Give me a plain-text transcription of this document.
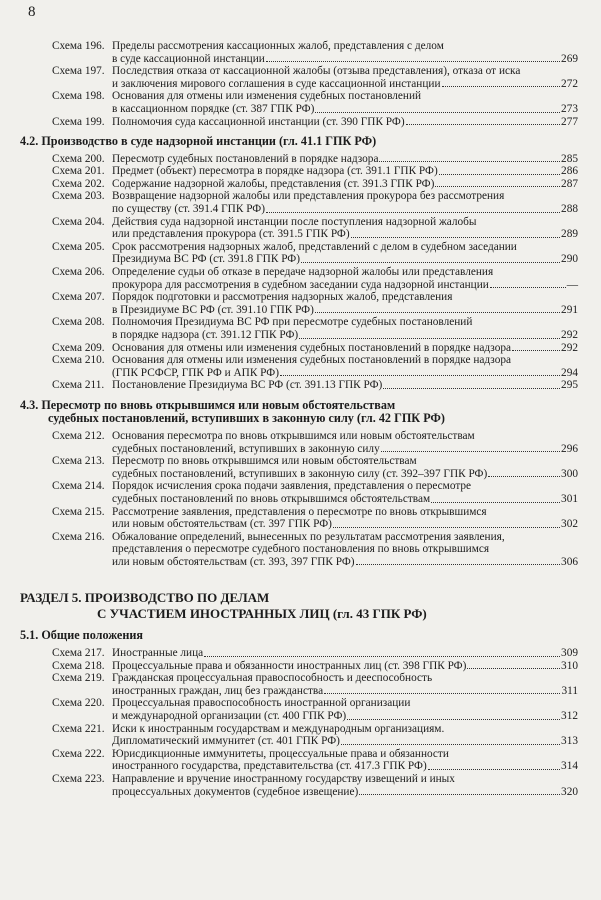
8
Схема 196. Пределы рассмотрения кассационных жалоб, представления с делом
в суде кассационной инстанции	269
Схема 197. Последствия отказа от кассационной жалобы (отзыва представления), отказа от иска
и заключения мирового соглашения в суде кассационной инстанции	272
Схема 198. Основания для отмены или изменения судебных постановлений
в кассационном порядке (ст. 387 ГПК РФ)	273
Схема 199. Полномочия суда кассационной инстанции (ст. 390 ГПК РФ)	277
4.2. Производство в суде надзорной инстанции (гл. 41.1 ГПК РФ)
Схема 200. Пересмотр судебных постановлений в порядке надзора	285
Схема 201. Предмет (объект) пересмотра в порядке надзора (ст. 391.1 ГПК РФ)	286
Схема 202. Содержание надзорной жалобы, представления (ст. 391.3 ГПК РФ)	287
Схема 203. Возвращение надзорной жалобы или представления прокурора без рассмотрения
по существу (ст. 391.4 ГПК РФ)	288
Схема 204. Действия суда надзорной инстанции после поступления надзорной жалобы
или представления прокурора (ст. 391.5 ГПК РФ)	289
Схема 205. Срок рассмотрения надзорных жалоб, представлений с делом в судебном заседании
Президиума ВС РФ (ст. 391.8 ГПК РФ)	290
Схема 206. Определение судьи об отказе в передаче надзорной жалобы или представления
прокурора для рассмотрения в судебном заседании суда надзорной инстанции	—
Схема 207. Порядок подготовки и рассмотрения надзорных жалоб, представления
в Президиуме ВС РФ (ст. 391.10 ГПК РФ)	291
Схема 208. Полномочия Президиума ВС РФ при пересмотре судебных постановлений
в порядке надзора (ст. 391.12 ГПК РФ)	292
Схема 209. Основания для отмены или изменения судебных постановлений в порядке надзора	292
Схема 210. Основания для отмены или изменения судебных постановлений в порядке надзора
(ГПК РСФСР, ГПК РФ и АПК РФ)	294
Схема 211. Постановление Президиума ВС РФ (ст. 391.13 ГПК РФ)	295
4.3. Пересмотр по вновь открывшимся или новым обстоятельствам
судебных постановлений, вступивших в законную силу (гл. 42 ГПК РФ)
Схема 212. Основания пересмотра по вновь открывшимся или новым обстоятельствам
судебных постановлений, вступивших в законную силу	296
Схема 213. Пересмотр по вновь открывшимся или новым обстоятельствам
судебных постановлений, вступивших в законную силу (ст. 392–397 ГПК РФ)	300
Схема 214. Порядок исчисления срока подачи заявления, представления о пересмотре
судебных постановлений по вновь открывшимся обстоятельствам	301
Схема 215. Рассмотрение заявления, представления о пересмотре по вновь открывшимся
или новым обстоятельствам (ст. 397 ГПК РФ)	302
Схема 216. Обжалование определений, вынесенных по результатам рассмотрения заявления,
представления о пересмотре судебного постановления по вновь открывшимся
или новым обстоятельствам (ст. 393, 397 ГПК РФ)	306
РАЗДЕЛ 5. ПРОИЗВОДСТВО ПО ДЕЛАМ
С УЧАСТИЕМ ИНОСТРАННЫХ ЛИЦ (гл. 43 ГПК РФ)
5.1. Общие положения
Схема 217. Иностранные лица	309
Схема 218. Процессуальные права и обязанности иностранных лиц (ст. 398 ГПК РФ)	310
Схема 219. Гражданская процессуальная правоспособность и дееспособность
иностранных граждан, лиц без гражданства	311
Схема 220. Процессуальная правоспособность иностранной организации
и международной организации (ст. 400 ГПК РФ)	312
Схема 221. Иски к иностранным государствам и международным организациям.
Дипломатический иммунитет (ст. 401 ГПК РФ)	313
Схема 222. Юрисдикционные иммунитеты, процессуальные права и обязанности
иностранного государства, представительства (ст. 417.3 ГПК РФ)	314
Схема 223. Направление и вручение иностранному государству извещений и иных
процессуальных документов (судебное извещение)	320
